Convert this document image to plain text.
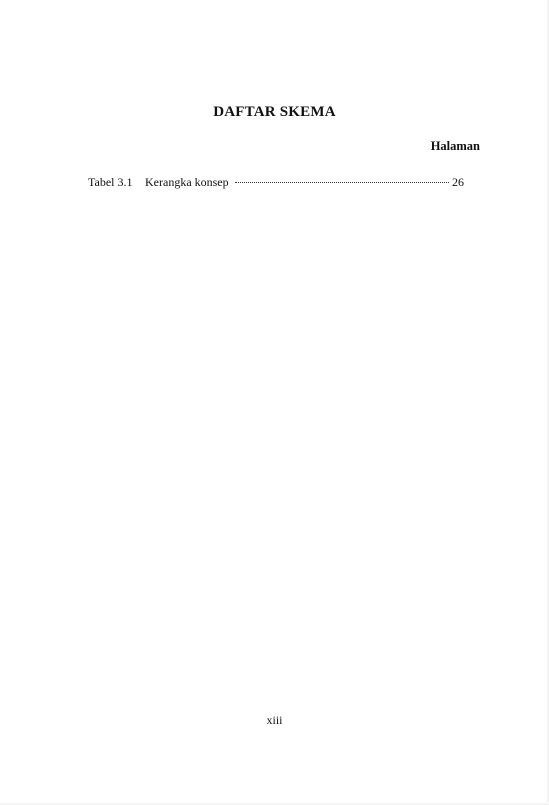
DAFTAR SKEMA
Halaman
Tabel 3.1	Kerangka konsep	26
xiii
